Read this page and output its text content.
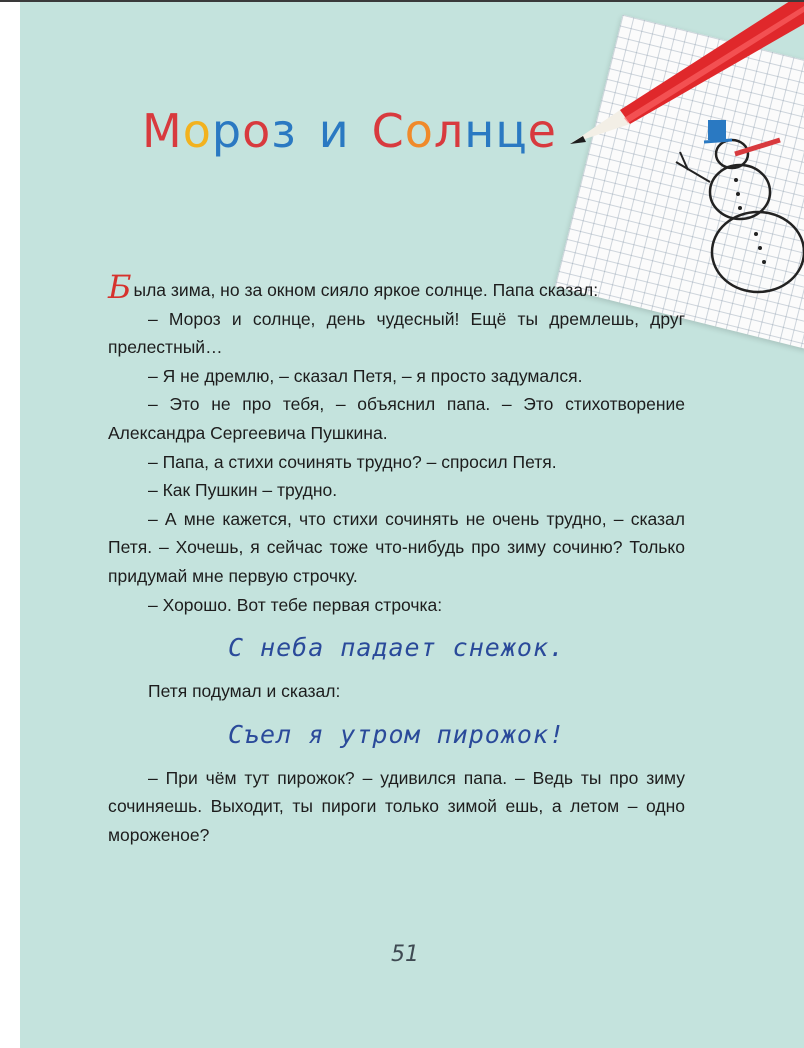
М о р о з и С о л н ц е

Была зима, но за окном сияло яркое солнце. Папа сказал:

– Мороз и солнце, день чудесный! Ещё ты дремлешь, друг прелестный…

– Я не дремлю, – сказал Петя, – я просто задумался.

– Это не про тебя, – объяснил папа. – Это стихотворение Александра Сергеевича Пушкина.

– Папа, а стихи сочинять трудно? – спросил Петя.

– Как Пушкин – трудно.

– А мне кажется, что стихи сочинять не очень трудно, – сказал Петя. – Хочешь, я сейчас тоже что-нибудь про зиму сочиню? Только придумай мне первую строчку.

– Хорошо. Вот тебе первая строчка:

С неба падает снежок.

Петя подумал и сказал:

Съел я утром пирожок!

– При чём тут пирожок? – удивился папа. – Ведь ты про зиму сочиняешь. Выходит, ты пироги только зимой ешь, а летом – одно мороженое?

51
